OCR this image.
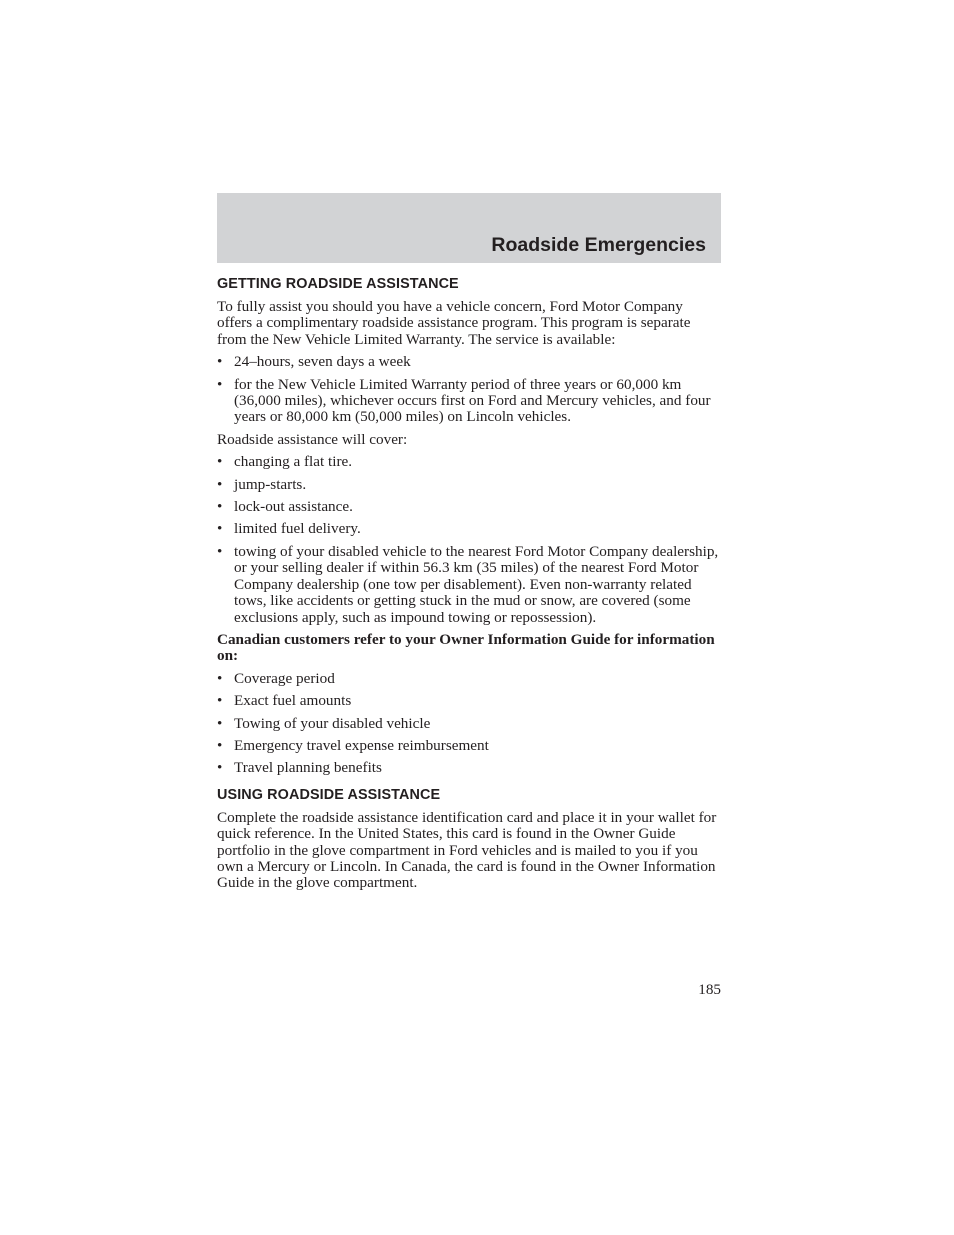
Roadside Emergencies
GETTING ROADSIDE ASSISTANCE

To fully assist you should you have a vehicle concern, Ford Motor Company offers a complimentary roadside assistance program. This program is separate from the New Vehicle Limited Warranty. The service is available:

• 24–hours, seven days a week
• for the New Vehicle Limited Warranty period of three years or 60,000 km (36,000 miles), whichever occurs first on Ford and Mercury vehicles, and four years or 80,000 km (50,000 miles) on Lincoln vehicles.

Roadside assistance will cover:

• changing a flat tire.
• jump-starts.
• lock-out assistance.
• limited fuel delivery.
• towing of your disabled vehicle to the nearest Ford Motor Company dealership, or your selling dealer if within 56.3 km (35 miles) of the nearest Ford Motor Company dealership (one tow per disablement). Even non-warranty related tows, like accidents or getting stuck in the mud or snow, are covered (some exclusions apply, such as impound towing or repossession).

Canadian customers refer to your Owner Information Guide for information on:

• Coverage period
• Exact fuel amounts
• Towing of your disabled vehicle
• Emergency travel expense reimbursement
• Travel planning benefits
USING ROADSIDE ASSISTANCE

Complete the roadside assistance identification card and place it in your wallet for quick reference. In the United States, this card is found in the Owner Guide portfolio in the glove compartment in Ford vehicles and is mailed to you if you own a Mercury or Lincoln. In Canada, the card is found in the Owner Information Guide in the glove compartment.

185
